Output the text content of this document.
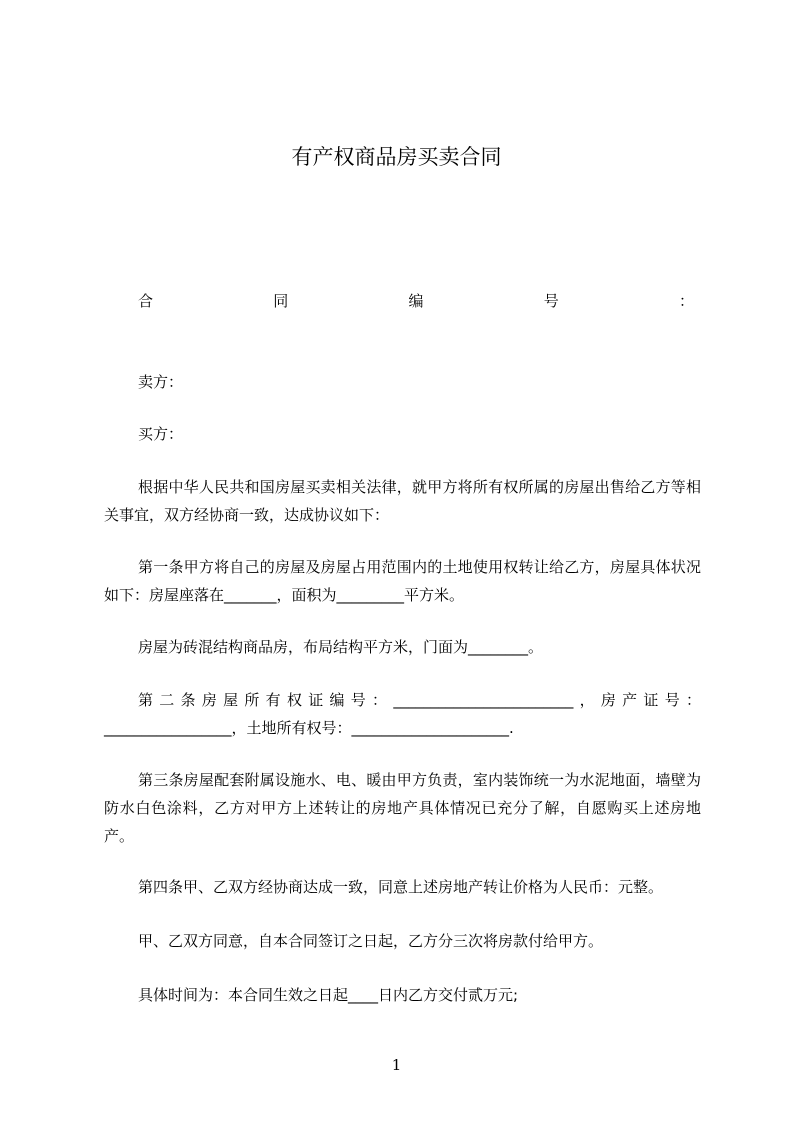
有产权商品房买卖合同
合	同	编	号	：

卖方：

买方：

根据中华人民共和国房屋买卖相关法律，就甲方将所有权所属的房屋出售给乙方等相关事宜，双方经协商一致，达成协议如下：

第一条甲方将自己的房屋及房屋占用范围内的土地使用权转让给乙方，房屋具体状况如下：房屋座落在_______，面积为_________平方米。

房屋为砖混结构商品房，布局结构平方米，门面为________。

第二条房屋所有权证编号：________________________，房产证号：_________________，土地所有权号：_____________________.

第三条房屋配套附属设施水、电、暖由甲方负责，室内装饰统一为水泥地面，墙壁为防水白色涂料，乙方对甲方上述转让的房地产具体情况已充分了解，自愿购买上述房地产。

第四条甲、乙双方经协商达成一致，同意上述房地产转让价格为人民币：元整。

甲、乙双方同意，自本合同签订之日起，乙方分三次将房款付给甲方。

具体时间为：本合同生效之日起____日内乙方交付贰万元;

1
